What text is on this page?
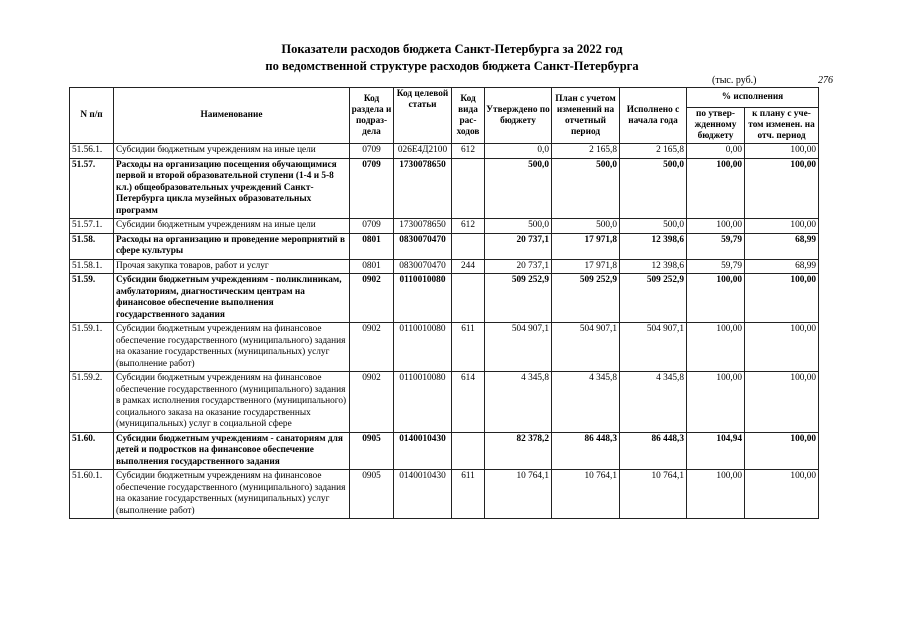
Показатели расходов бюджета Санкт-Петербурга за 2022 год
по ведомственной структуре расходов бюджета Санкт-Петербурга
(тыс. руб.)	276
N п/п	Наименование	Код раздела и подраз-дела	Код целевой статьи	Код вида рас-ходов	Утверждено по бюджету	План с учетом изменений на отчетный период	Исполнено с начала года	% исполнения	
								по утвер-жденному бюджету	к плану с уче-том изменен. на отч. период
51.56.1.	Субсидии бюджетным учреждениям на иные цели	0709	026Е4Д2100	612	0,0	2 165,8	2 165,8	0,00	100,00
51.57.	Расходы на организацию посещения обучающимися первой и второй образовательной ступени (1-4 и 5-8 кл.) общеобразовательных учреждений Санкт-Петербурга цикла музейных образовательных программ	0709	1730078650		500,0	500,0	500,0	100,00	100,00
51.57.1.	Субсидии бюджетным учреждениям на иные цели	0709	1730078650	612	500,0	500,0	500,0	100,00	100,00
51.58.	Расходы на организацию и проведение мероприятий в сфере культуры	0801	0830070470		20 737,1	17 971,8	12 398,6	59,79	68,99
51.58.1.	Прочая закупка товаров, работ и услуг	0801	0830070470	244	20 737,1	17 971,8	12 398,6	59,79	68,99
51.59.	Субсидии бюджетным учреждениям - поликлиникам, амбулаториям, диагностическим центрам на финансовое обеспечение выполнения государственного задания	0902	0110010080		509 252,9	509 252,9	509 252,9	100,00	100,00
51.59.1.	Субсидии бюджетным учреждениям на финансовое обеспечение государственного (муниципального) задания на оказание государственных (муниципальных) услуг (выполнение работ)	0902	0110010080	611	504 907,1	504 907,1	504 907,1	100,00	100,00
51.59.2.	Субсидии бюджетным учреждениям на финансовое обеспечение государственного (муниципального) задания в рамках исполнения государственного (муниципального) социального заказа на оказание государственных (муниципальных) услуг в социальной сфере	0902	0110010080	614	4 345,8	4 345,8	4 345,8	100,00	100,00
51.60.	Субсидии бюджетным учреждениям - санаториям для детей и подростков на финансовое обеспечение выполнения государственного задания	0905	0140010430		82 378,2	86 448,3	86 448,3	104,94	100,00
51.60.1.	Субсидии бюджетным учреждениям на финансовое обеспечение государственного (муниципального) задания на оказание государственных (муниципальных) услуг (выполнение работ)	0905	0140010430	611	10 764,1	10 764,1	10 764,1	100,00	100,00
